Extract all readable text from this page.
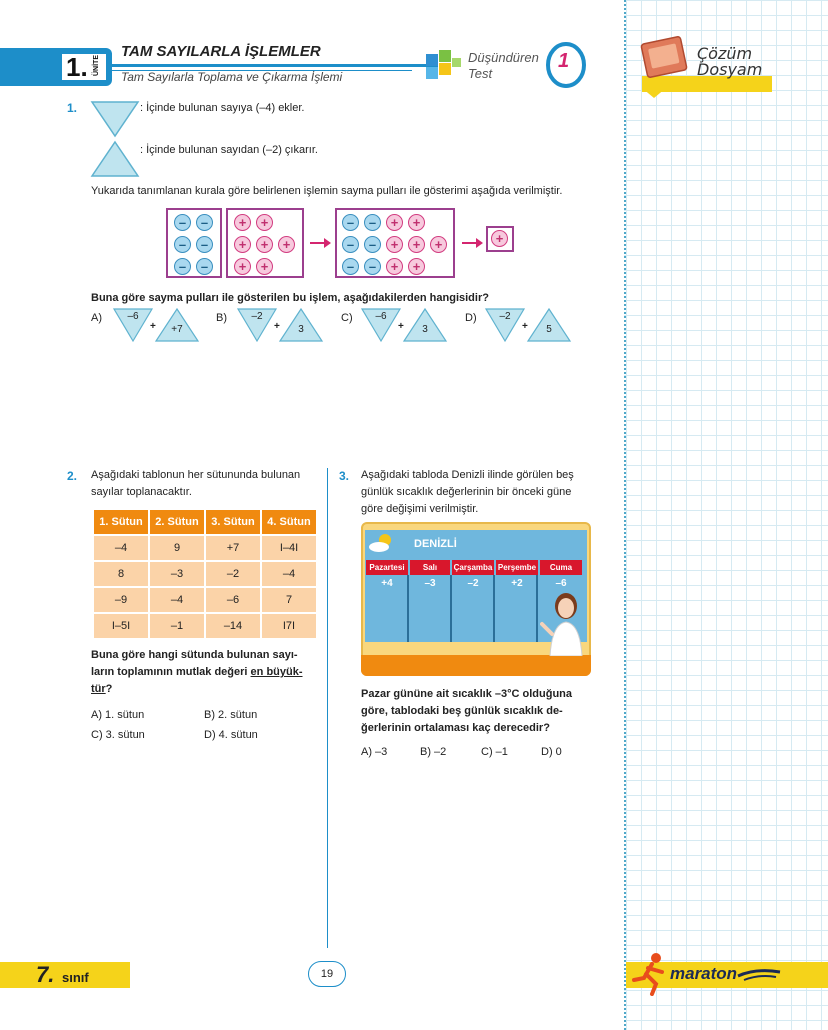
Çözüm
Dosyam
1. ÜNİTE
TAM SAYILARLA İŞLEMLER
Tam Sayılarla Toplama ve Çıkarma İşlemi
Düşündüren
Test
1
1.	: İçinde bulunan sayıya (–4) ekler.
: İçinde bulunan sayıdan (–2) çıkarır.
Yukarıda tanımlanan kurala göre belirlenen işlemin sayma pulları ile gösterimi aşağıda verilmiştir.
–	–
–	–
–	–
+	+
+	+	+
+	+
–	–	+	+
–	–	+	+	+
–	–	+	+
+
Buna göre sayma pulları ile gösterilen bu işlem, aşağıdakilerden hangisidir?
A)	–6
+	+7
B)	–2
+	3
C)	–6
+	3
D)	–2
+	5
2. Aşağıdaki tablonun her sütununda bulunan
sayılar toplanacaktır.
1. Sütun	2. Sütun	3. Sütun	4. Sütun
–4	9	+7	I–4I
8	–3	–2	–4
–9	–4	–6	7
I–5I	–1	–14	I7I
Buna göre hangi sütunda bulunan sayı-
ların toplamının mutlak değeri en büyük-
tür?
A) 1. sütun	B) 2. sütun
C) 3. sütun	D) 4. sütun
3. Aşağıdaki tabloda Denizli ilinde görülen beş
günlük sıcaklık değerlerinin bir önceki güne
göre değişimi verilmiştir.
DENİZLİ
Pazartesi	Salı	Çarşamba Perşembe	Cuma
+4	–3	–2	+2	–6
Pazar gününe ait sıcaklık –3°C olduğuna
göre, tablodaki beş günlük sıcaklık de-
ğerlerinin ortalaması kaç derecedir?
A) –3	B) –2	C) –1	D) 0
7. sınıf	19	maraton
